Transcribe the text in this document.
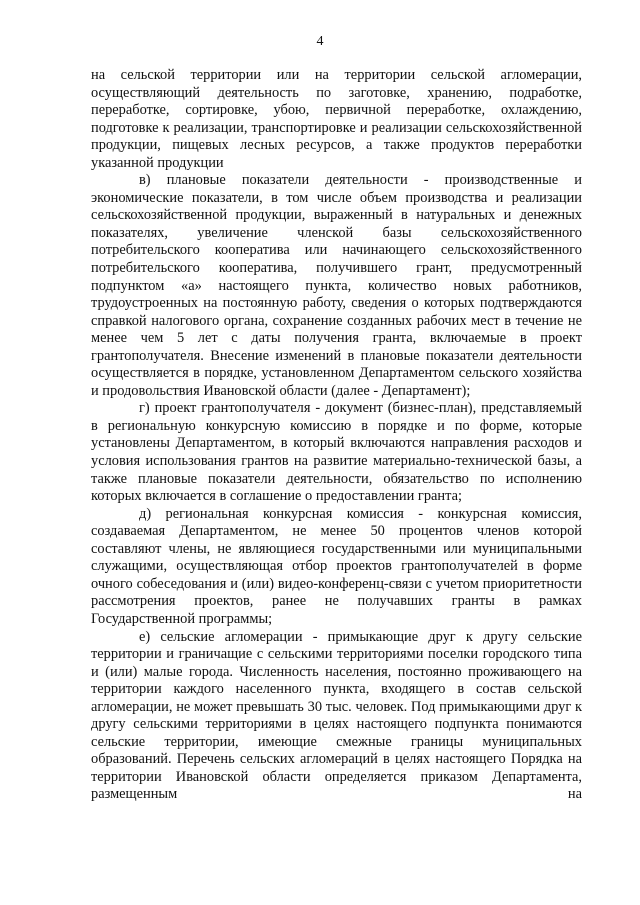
4

на сельской территории или на территории сельской агломерации, осуществляющий деятельность по заготовке, хранению, подработке, переработке, сортировке, убою, первичной переработке, охлаждению, подготовке к реализации, транспортировке и реализации сельскохозяйственной продукции, пищевых лесных ресурсов, а также продуктов переработки указанной продукции

в) плановые показатели деятельности - производственные и экономические показатели, в том числе объем производства и реализации сельскохозяйственной продукции, выраженный в натуральных и денежных показателях, увеличение членской базы сельскохозяйственного потребительского кооператива или начинающего сельскохозяйственного потребительского кооператива, получившего грант, предусмотренный подпунктом «а» настоящего пункта, количество новых работников, трудоустроенных на постоянную работу, сведения о которых подтверждаются справкой налогового органа, сохранение созданных рабочих мест в течение не менее чем 5 лет с даты получения гранта, включаемые в проект грантополучателя. Внесение изменений в плановые показатели деятельности осуществляется в порядке, установленном Департаментом сельского хозяйства и продовольствия Ивановской области (далее - Департамент);

г) проект грантополучателя - документ (бизнес-план), представляемый в региональную конкурсную комиссию в порядке и по форме, которые установлены Департаментом, в который включаются направления расходов и условия использования грантов на развитие материально-технической базы, а также плановые показатели деятельности, обязательство по исполнению которых включается в соглашение о предоставлении гранта;

д) региональная конкурсная комиссия - конкурсная комиссия, создаваемая Департаментом, не менее 50 процентов членов которой составляют члены, не являющиеся государственными или муниципальными служащими, осуществляющая отбор проектов грантополучателей в форме очного собеседования и (или) видео-конференц-связи с учетом приоритетности рассмотрения проектов, ранее не получавших гранты в рамках Государственной программы;

е) сельские агломерации - примыкающие друг к другу сельские территории и граничащие с сельскими территориями поселки городского типа и (или) малые города. Численность населения, постоянно проживающего на территории каждого населенного пункта, входящего в состав сельской агломерации, не может превышать 30 тыс. человек. Под примыкающими друг к другу сельскими территориями в целях настоящего подпункта понимаются сельские территории, имеющие смежные границы муниципальных образований. Перечень сельских агломераций в целях настоящего Порядка на территории Ивановской области определяется приказом Департамента, размещенным на
